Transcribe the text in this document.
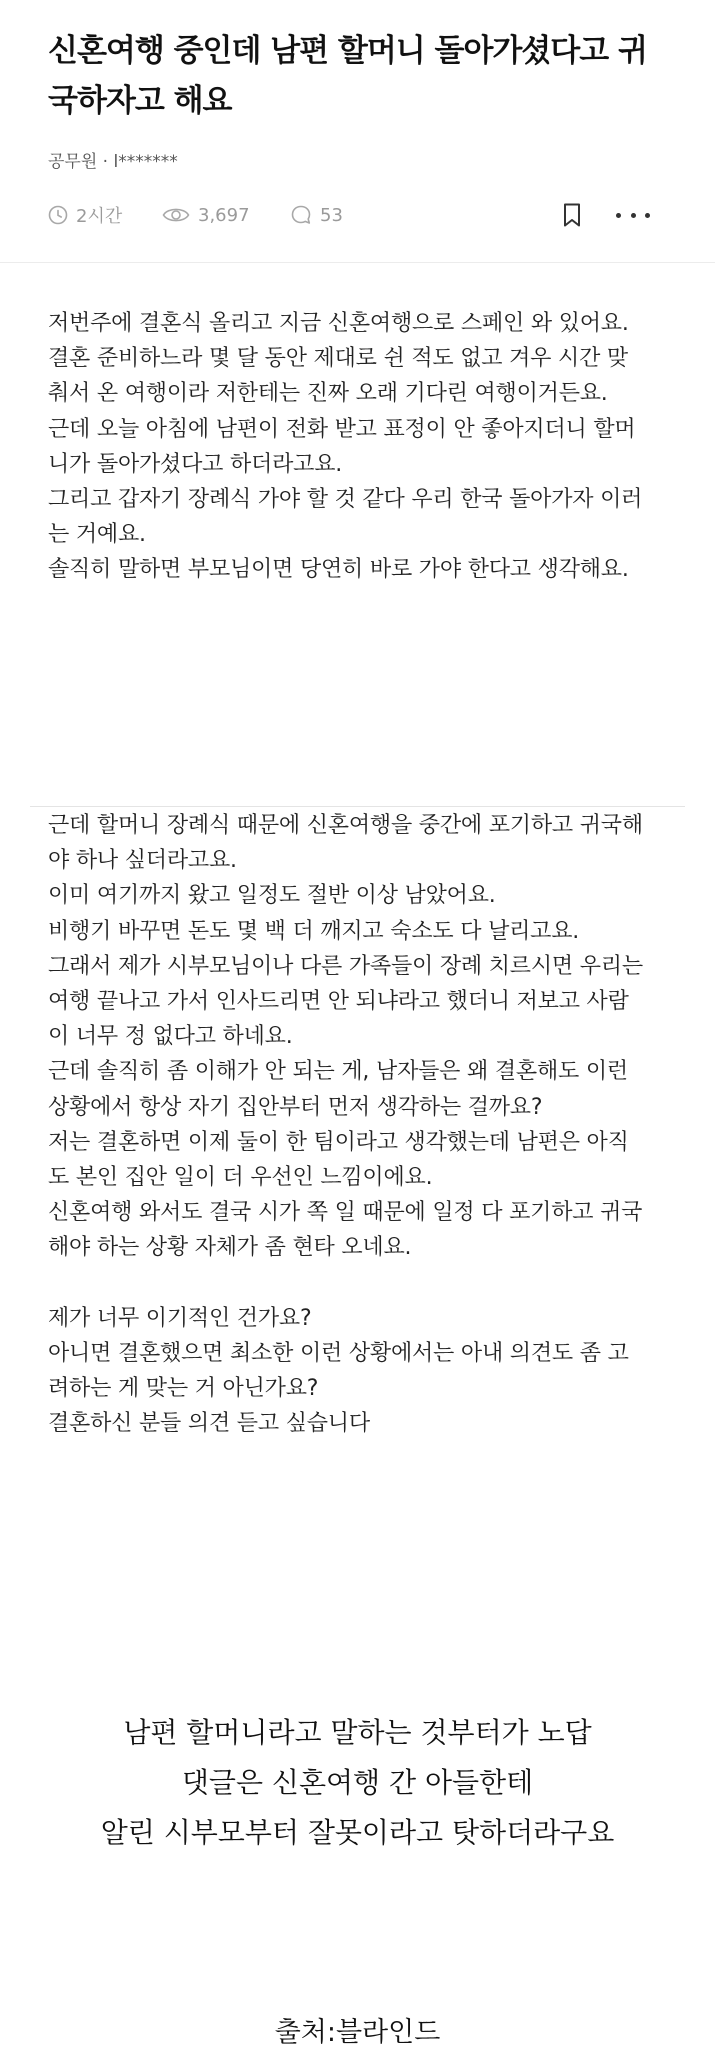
신혼여행 중인데 남편 할머니 돌아가셨다고 귀국하자고 해요
공무원 · l*******
2시간	3,697	53

저번주에 결혼식 올리고 지금 신혼여행으로 스페인 와 있어요.

결혼 준비하느라 몇 달 동안 제대로 쉰 적도 없고 겨우 시간 맞춰서 온 여행이라 저한테는 진짜 오래 기다린 여행이거든요.

근데 오늘 아침에 남편이 전화 받고 표정이 안 좋아지더니 할머니가 돌아가셨다고 하더라고요.

그리고 갑자기 장례식 가야 할 것 같다 우리 한국 돌아가자 이러는 거예요.

솔직히 말하면 부모님이면 당연히 바로 가야 한다고 생각해요.

근데 할머니 장례식 때문에 신혼여행을 중간에 포기하고 귀국해야 하나 싶더라고요.

이미 여기까지 왔고 일정도 절반 이상 남았어요.

비행기 바꾸면 돈도 몇 백 더 깨지고 숙소도 다 날리고요.

그래서 제가 시부모님이나 다른 가족들이 장례 치르시면 우리는 여행 끝나고 가서 인사드리면 안 되냐라고 했더니 저보고 사람이 너무 정 없다고 하네요.

근데 솔직히 좀 이해가 안 되는 게, 남자들은 왜 결혼해도 이런 상황에서 항상 자기 집안부터 먼저 생각하는 걸까요?

저는 결혼하면 이제 둘이 한 팀이라고 생각했는데 남편은 아직도 본인 집안 일이 더 우선인 느낌이에요.

신혼여행 와서도 결국 시가 쪽 일 때문에 일정 다 포기하고 귀국해야 하는 상황 자체가 좀 현타 오네요.

제가 너무 이기적인 건가요?

아니면 결혼했으면 최소한 이런 상황에서는 아내 의견도 좀 고려하는 게 맞는 거 아닌가요?

결혼하신 분들 의견 듣고 싶습니다

남편 할머니라고 말하는 것부터가 노답

댓글은 신혼여행 간 아들한테

알린 시부모부터 잘못이라고 탓하더라구요

출처:블라인드
